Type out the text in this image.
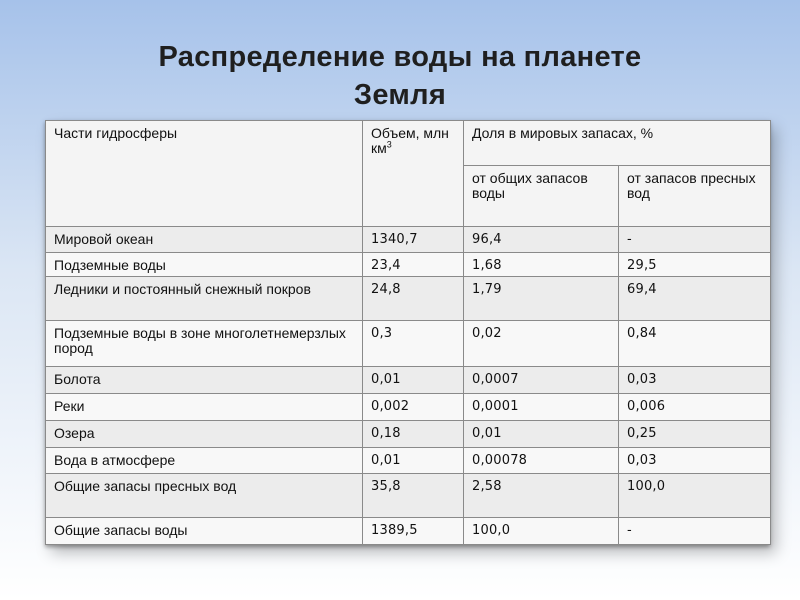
Распределение воды на планете
Земля
Части гидросферы	Объем, млн $км^3$	Доля в мировых запасах, %	
		от общих запасов воды	от запасов пресных вод
Мировой океан	1340,7	96,4	-
Подземные воды	23,4	1,68	29,5
Ледники и постоянный снежный покров	24,8	1,79	69,4
Подземные воды в зоне многолетнемерзлых пород	0,3	0,02	0,84
Болота	0,01	0,0007	0,03
Реки	0,002	0,0001	0,006
Озера	0,18	0,01	0,25
Вода в атмосфере	0,01	0,00078	0,03
Общие запасы пресных вод	35,8	2,58	100,0
Общие запасы воды	1389,5	100,0	-
